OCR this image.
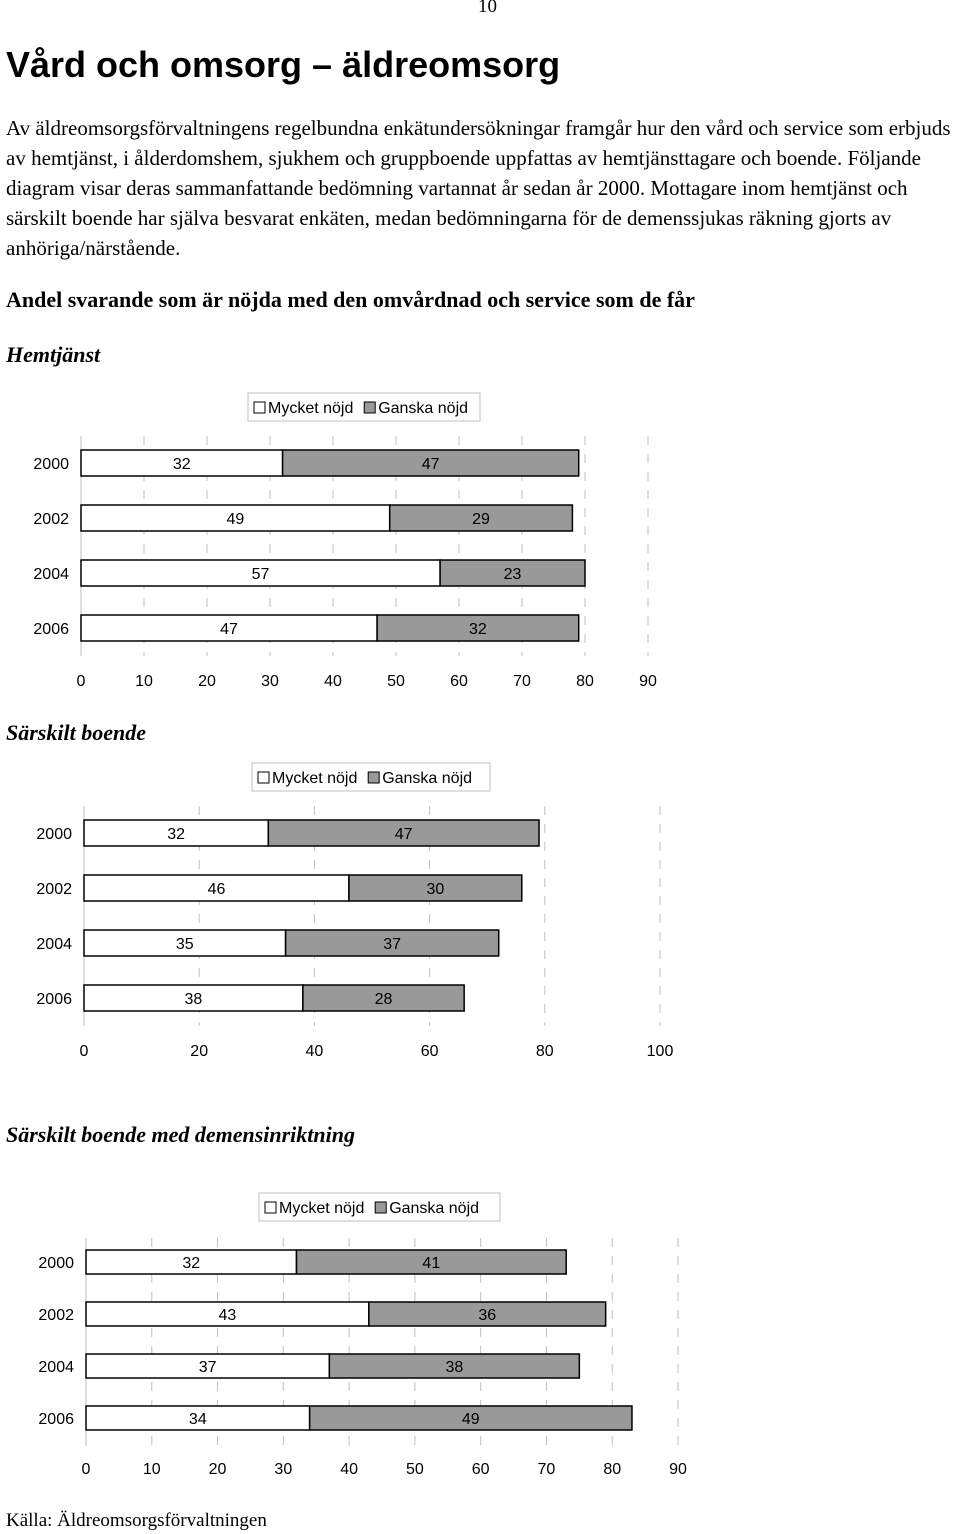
10
Vård och omsorg – äldreomsorg

Av äldreomsorgsförvaltningens regelbundna enkätundersökningar framgår hur den vård och service som erbjuds av hemtjänst, i ålderdomshem, sjukhem och gruppboende uppfattas av hemtjänsttagare och boende. Följande diagram visar deras sammanfattande bedömning vartannat år sedan år 2000. Mottagare inom hemtjänst och särskilt boende har själva besvarat enkäten, medan bedömningarna för de demenssjukas räkning gjorts av anhöriga/närstående.

Andel svarande som är nöjda med den omvårdnad och service som de får
Hemtjänst
Mycket nöjd Ganska nöjd
2000	32	47
2002	49	29
2004	57	23
2006	47	32
0	10	20	30	40	50	60	70	80	90
Särskilt boende
Mycket nöjd Ganska nöjd
2000	32	47
2002	46	30
2004	35	37
2006	38	28
0	20	40	60	80	100
Särskilt boende med demensinriktning
Mycket nöjd Ganska nöjd
2000	32	41
2002	43	36
2004	37	38
2006	34	49
0	10	20	30	40	50	60	70	80	90
Källa: Äldreomsorgsförvaltningen
